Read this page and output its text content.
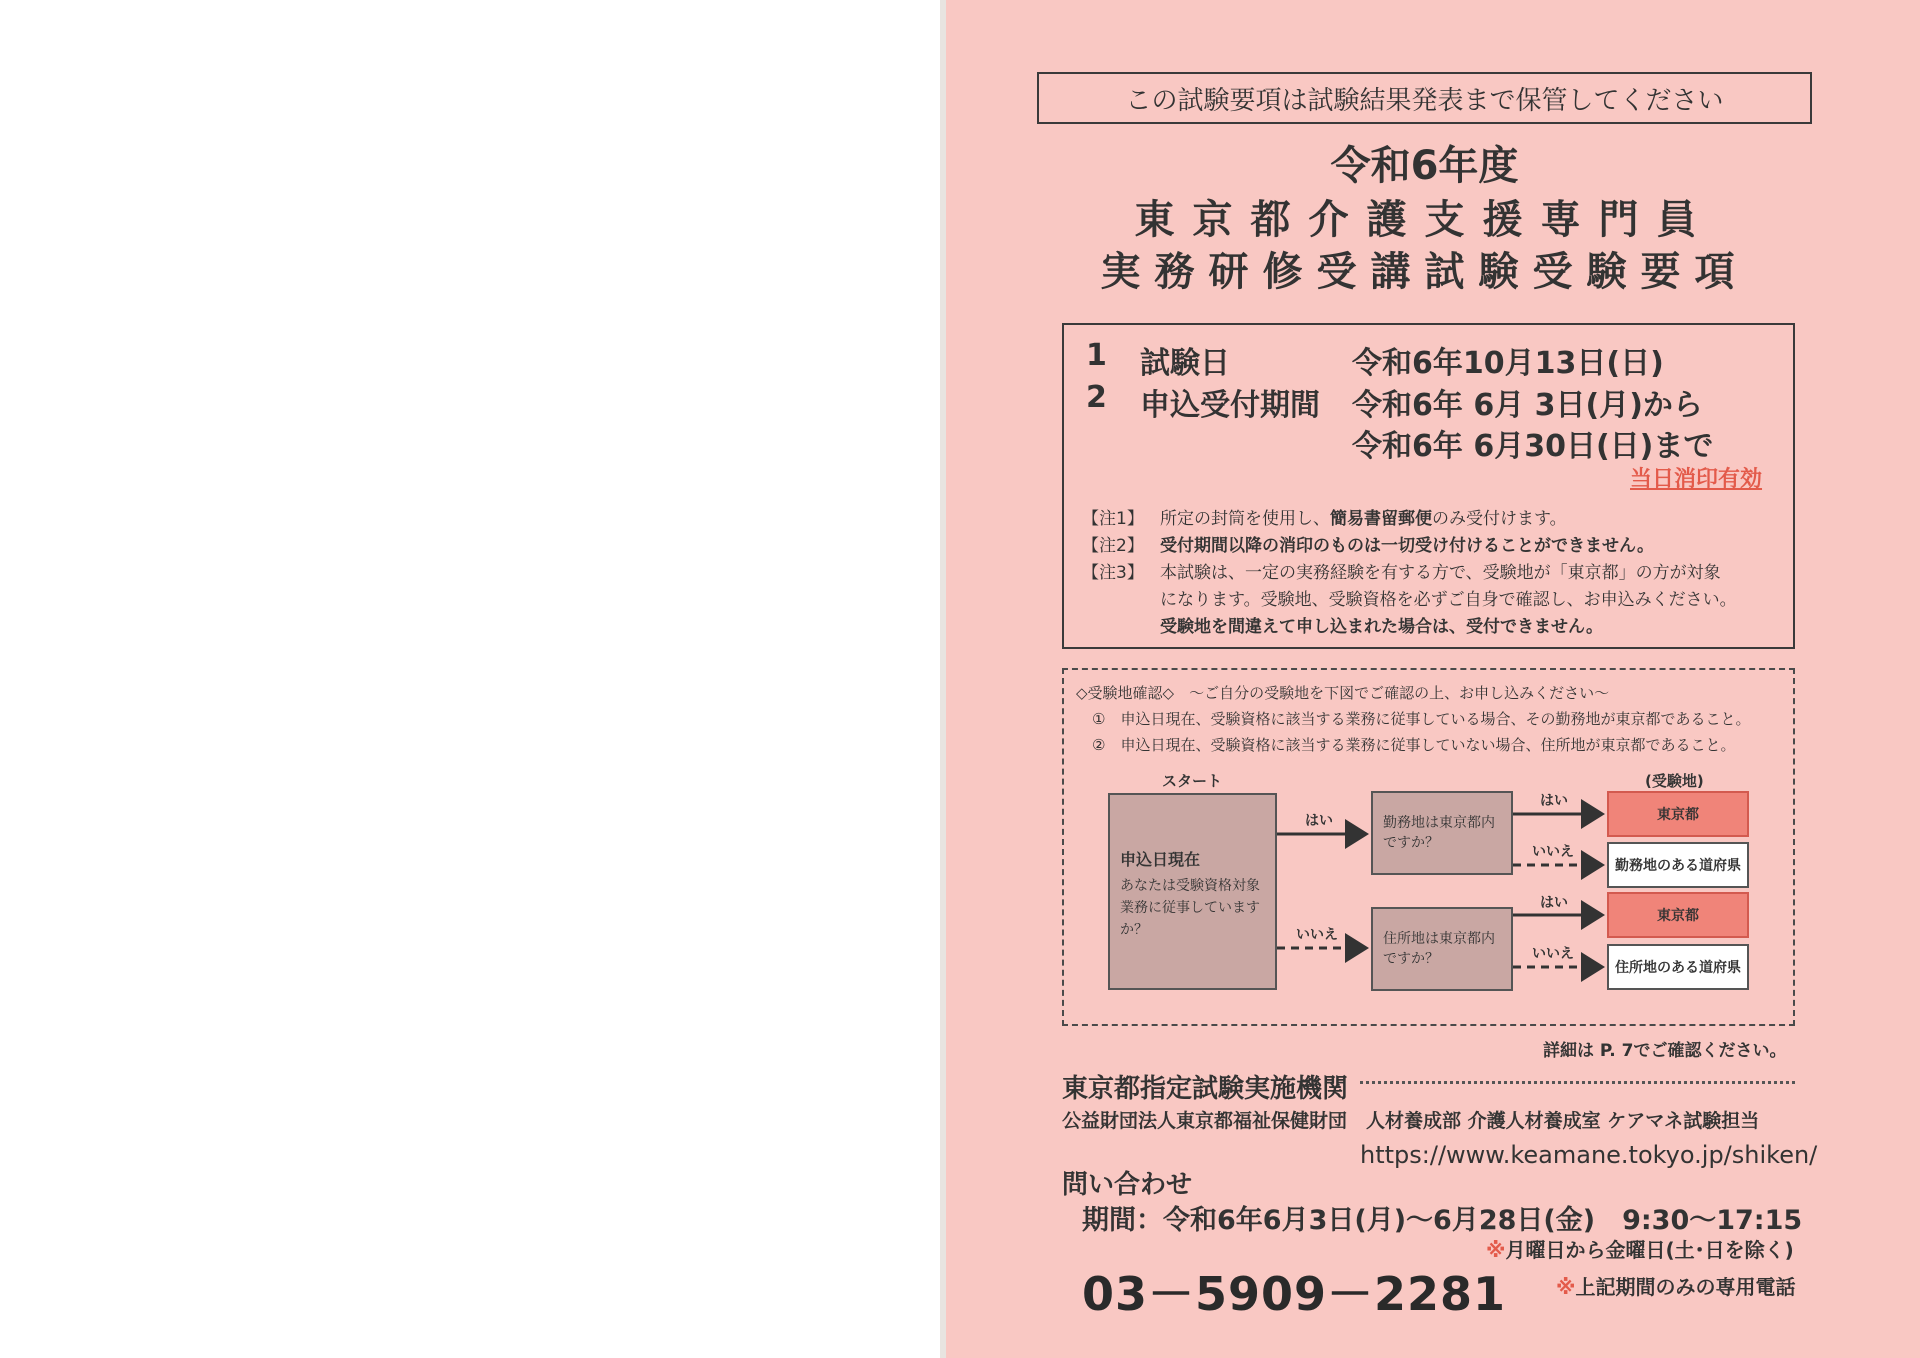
この試験要項は試験結果発表まで保管してください
令和6年度
東京都介護支援専門員
実務研修受講試験受験要項
1 試験日	令和6年10月13日(日)
2 申込受付期間 令和6年 6月 3日(月)から
令和6年 6月30日(日)まで
当日消印有効
【注1】 所定の封筒を使用し、簡易書留郵便のみ受付けます。
【注2】 受付期間以降の消印のものは一切受け付けることができません。
【注3】 本試験は、一定の実務経験を有する方で、受験地が「東京都」の方が対象
になります。受験地、受験資格を必ずご自身で確認し、お申込みください。
受験地を間違えて申し込まれた場合は、受付できません。
◇受験地確認◇　～ご自分の受験地を下図でご確認の上、お申し込みください～
①　申込日現在、受験資格に該当する業務に従事している場合、その勤務地が東京都であること。
②　申込日現在、受験資格に該当する業務に従事していない場合、住所地が東京都であること。
スタート	(受験地)
申込日現在
あなたは受験資格対象業務に従事していますか？
勤務地は東京都内ですか？
住所地は東京都内ですか？
東京都
勤務地のある道府県
東京都
住所地のある道府県
はい
いいえ
はい
いいえ
はい
いいえ
詳細は P. 7でご確認ください。
東京都指定試験実施機関
公益財団法人東京都福祉保健財団　人材養成部 介護人材養成室 ケアマネ試験担当
https://www.keamane.tokyo.jp/shiken/
問い合わせ
期間：令和6年6月3日(月)～6月28日(金)　9:30～17:15
※月曜日から金曜日(土･日を除く)
03－5909－2281 ※上記期間のみの専用電話
